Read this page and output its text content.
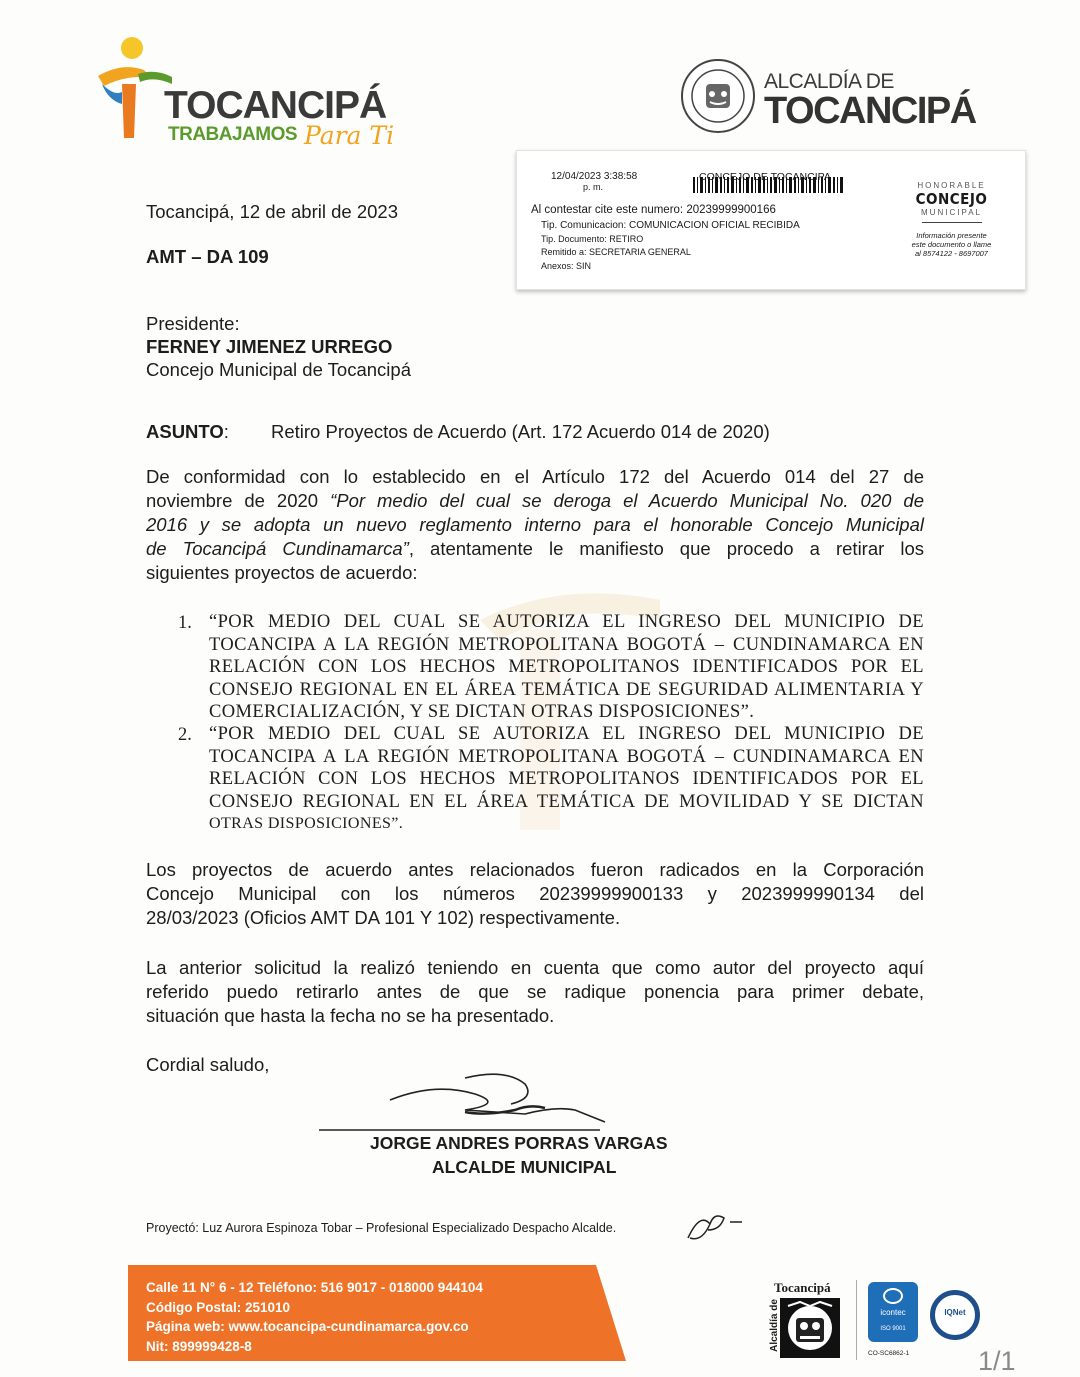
TOCANCIPÁ
TRABAJAMOS Para Ti
ALCALDÍA DE
TOCANCIPÁ
12/04/2023 3:38:58
p. m.
CONCEJO TOCANCIPA
Al contestar cite este numero: 20239999900166
Tip. Comunicacion: COMUNICACION OFICIAL RECIBIDA
Tip. Documento: RETIRO
Remitido a: SECRETARIA GENERAL
Anexos: SIN
HONORABLE
CONCEJO
MUNICIPAL
Información presente
este documento o llame
al 8574122 - 8697007
Tocancipá, 12 de abril de 2023
AMT – DA 109
Presidente:
FERNEY JIMENEZ URREGO
Concejo Municipal de Tocancipá
ASUNTO: Retiro Proyectos de Acuerdo (Art. 172 Acuerdo 014 de 2020)
De conformidad con lo establecido en el Artículo 172 del Acuerdo 014 del 27 de
noviembre de 2020 “Por medio del cual se deroga el Acuerdo Municipal No. 020 de
2016 y se adopta un nuevo reglamento interno para el honorable Concejo Municipal
de Tocancipá Cundinamarca”, atentamente le manifiesto que procedo a retirar los
siguientes proyectos de acuerdo:
1. “POR MEDIO DEL CUAL SE AUTORIZA EL INGRESO DEL MUNICIPIO DE
TOCANCIPA A LA REGIÓN METROPOLITANA BOGOTÁ – CUNDINAMARCA EN
RELACIÓN CON LOS HECHOS METROPOLITANOS IDENTIFICADOS POR EL
CONSEJO REGIONAL EN EL ÁREA TEMÁTICA DE SEGURIDAD ALIMENTARIA Y
COMERCIALIZACIÓN, Y SE DICTAN OTRAS DISPOSICIONES”.
2. “POR MEDIO DEL CUAL SE AUTORIZA EL INGRESO DEL MUNICIPIO DE
TOCANCIPA A LA REGIÓN METROPOLITANA BOGOTÁ – CUNDINAMARCA EN
RELACIÓN CON LOS HECHOS METROPOLITANOS IDENTIFICADOS POR EL
CONSEJO REGIONAL EN EL ÁREA TEMÁTICA DE MOVILIDAD Y SE DICTAN
OTRAS DISPOSICIONES”.
Los proyectos de acuerdo antes relacionados fueron radicados en la Corporación
Concejo Municipal con los números 20239999900133 y 2023999990134 del
28/03/2023 (Oficios AMT DA 101 Y 102) respectivamente.
La anterior solicitud la realizó teniendo en cuenta que como autor del proyecto aquí
referido puedo retirarlo antes de que se radique ponencia para primer debate,
situación que hasta la fecha no se ha presentado.
Cordial saludo,
JORGE ANDRES PORRAS VARGAS
ALCALDE MUNICIPAL
Proyectó: Luz Aurora Espinoza Tobar – Profesional Especializado Despacho Alcalde.
Calle 11 N° 6 - 12 Teléfono: 516 9017 - 018000 944104
Código Postal: 251010
Página web: www.tocancipa-cundinamarca.gov.co
Nit: 899999428-8
Tocancipá
Alcaldía de	icontec
ISO 9001
CO-SC6862-1
IQNet
1/1
